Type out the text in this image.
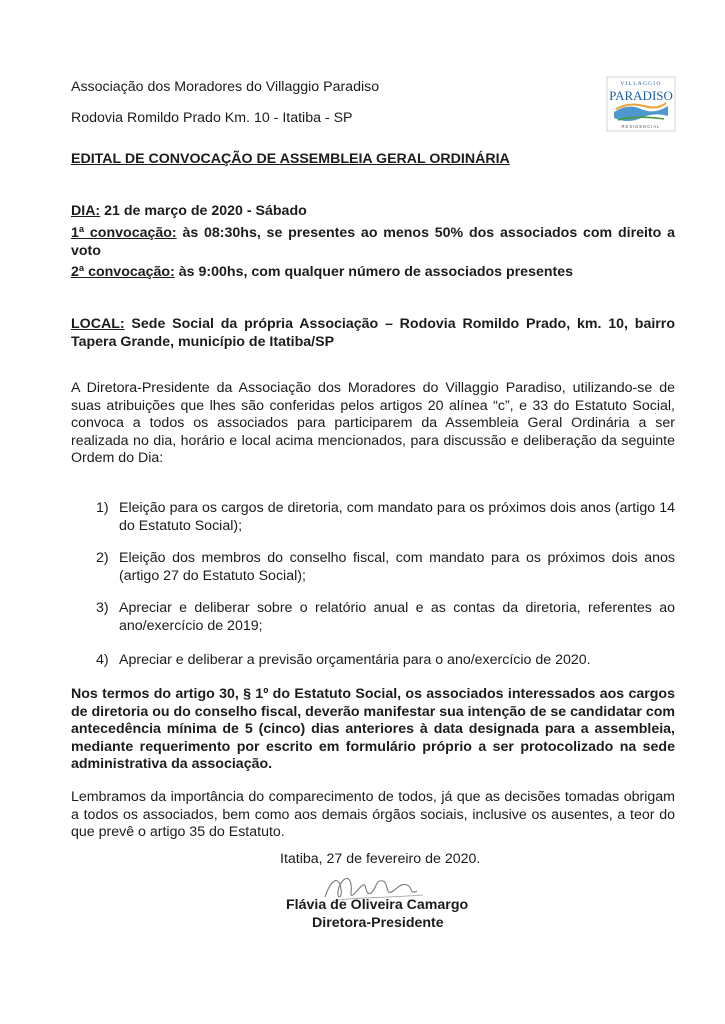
Associação dos Moradores do Villaggio Paradiso
Rodovia Romildo Prado Km. 10 - Itatiba - SP
VILLAGGIO
PARADISO
RESIDENCIAL
EDITAL DE CONVOCAÇÃO DE ASSEMBLEIA GERAL ORDINÁRIA
DIA: 21 de março de 2020 - Sábado
1ª convocação: às 08:30hs, se presentes ao menos 50% dos associados com direito a voto
2ª convocação: às 9:00hs, com qualquer número de associados presentes
LOCAL: Sede Social da própria Associação – Rodovia Romildo Prado, km. 10, bairro Tapera Grande, município de Itatiba/SP
A Diretora-Presidente da Associação dos Moradores do Villaggio Paradiso, utilizando-se de suas atribuições que lhes são conferidas pelos artigos 20 alínea “c”, e 33 do Estatuto Social, convoca a todos os associados para participarem da Assembleia Geral Ordinária a ser realizada no dia, horário e local acima mencionados, para discussão e deliberação da seguinte Ordem do Dia:
1) Eleição para os cargos de diretoria, com mandato para os próximos dois anos (artigo 14 do Estatuto Social);
2) Eleição dos membros do conselho fiscal, com mandato para os próximos dois anos (artigo 27 do Estatuto Social);
3) Apreciar e deliberar sobre o relatório anual e as contas da diretoria, referentes ao ano/exercício de 2019;
4) Apreciar e deliberar a previsão orçamentária para o ano/exercício de 2020.
Nos termos do artigo 30, § 1º do Estatuto Social, os associados interessados aos cargos de diretoria ou do conselho fiscal, deverão manifestar sua intenção de se candidatar com antecedência mínima de 5 (cinco) dias anteriores à data designada para a assembleia, mediante requerimento por escrito em formulário próprio a ser protocolizado na sede administrativa da associação.
Lembramos da importância do comparecimento de todos, já que as decisões tomadas obrigam a todos os associados, bem como aos demais órgãos sociais, inclusive os ausentes, a teor do que prevê o artigo 35 do Estatuto.
Itatiba, 27 de fevereiro de 2020.
Flávia de Oliveira Camargo
Diretora-Presidente
